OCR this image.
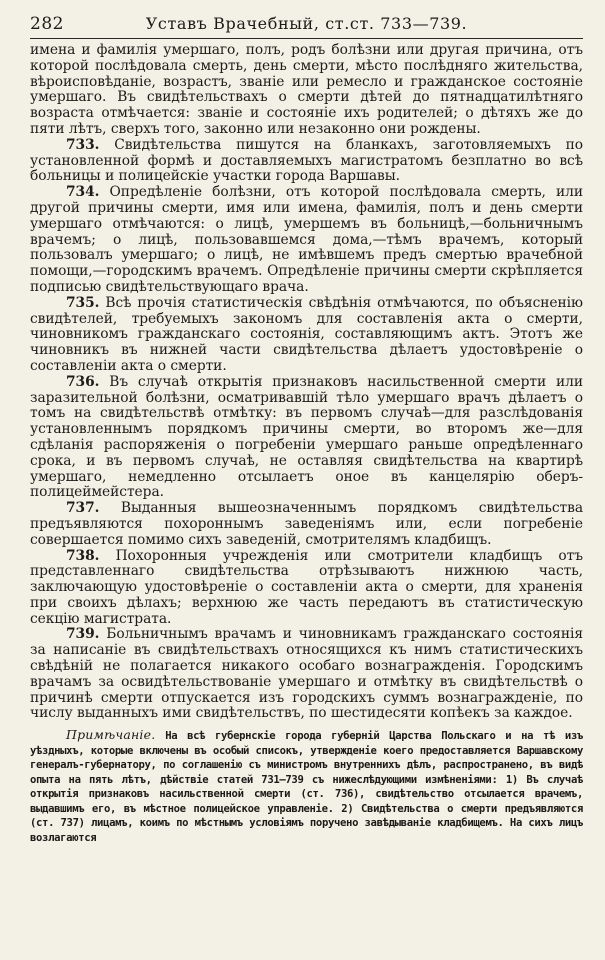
282	Уставъ Врачебный, ст.ст. 733—739.

имена и фамилія умершаго, полъ, родъ болѣзни или другая причина, отъ которой послѣдовала смерть, день смерти, мѣсто послѣдняго жительства, вѣроисповѣданіе, возрастъ, званіе или ремесло и гражданское состояніе умершаго. Въ свидѣтельствахъ о смерти дѣтей до пятнадцатилѣтняго возраста отмѣчается: званіе и состояніе ихъ родителей; о дѣтяхъ же до пяти лѣтъ, сверхъ того, законно или незаконно они рождены.

733. Свидѣтельства пишутся на бланкахъ, заготовляемыхъ по установленной формѣ и доставляемыхъ магистратомъ безплатно во всѣ больницы и полицейскіе участки города Варшавы.

734. Опредѣленіе болѣзни, отъ которой послѣдовала смерть, или другой причины смерти, имя или имена, фамилія, полъ и день смерти умершаго отмѣчаются: о лицѣ, умершемъ въ больницѣ,—больничнымъ врачемъ; о лицѣ, пользовавшемся дома,—тѣмъ врачемъ, который пользовалъ умершаго; о лицѣ, не имѣвшемъ предъ смертью врачебной помощи,—городскимъ врачемъ. Опредѣленіе причины смерти скрѣпляется подписью свидѣтельствующаго врача.

735. Всѣ прочія статистическія свѣдѣнія отмѣчаются, по объясненію свидѣтелей, требуемыхъ закономъ для составленія акта о смерти, чиновникомъ гражданскаго состоянія, составляющимъ актъ. Этотъ же чиновникъ въ нижней части свидѣтельства дѣлаетъ удостовѣреніе о составленіи акта о смерти.

736. Въ случаѣ открытія признаковъ насильственной смерти или заразительной болѣзни, осматривавшій тѣло умершаго врачъ дѣлаетъ о томъ на свидѣтельствѣ отмѣтку: въ первомъ случаѣ—для разслѣдованія установленнымъ порядкомъ причины смерти, во второмъ же—для сдѣланія распоряженія о погребеніи умершаго раньше опредѣленнаго срока, и въ первомъ случаѣ, не оставляя свидѣтельства на квартирѣ умершаго, немедленно отсылаетъ оное въ канцелярію оберъ-полицеймейстера.

737. Выданныя вышеозначеннымъ порядкомъ свидѣтельства предъявляются похороннымъ заведеніямъ или, если погребеніе совершается помимо сихъ заведеній, смотрителямъ кладбищъ.

738. Похоронныя учрежденія или смотрители кладбищъ отъ представленнаго свидѣтельства отрѣзываютъ нижнюю часть, заключающую удостовѣреніе о составленіи акта о смерти, для храненія при своихъ дѣлахъ; верхнюю же часть передаютъ въ статистическую секцію магистрата.

739. Больничнымъ врачамъ и чиновникамъ гражданскаго состоянія за написаніе въ свидѣтельствахъ относящихся къ нимъ статистическихъ свѣдѣній не полагается никакого особаго вознагражденія. Городскимъ врачамъ за освидѣтельствованіе умершаго и отмѣтку въ свидѣтельствѣ о причинѣ смерти отпускается изъ городскихъ суммъ вознагражденіе, по числу выданныхъ ими свидѣтельствъ, по шестидесяти копѣекъ за каждое.

Примѣчаніе. На всѣ губернскіе города губерній Царства Польскаго и на тѣ изъ уѣздныхъ, которые включены въ особый списокъ, утвержденіе коего предоставляется Варшавскому генералъ-губернатору, по соглашенію съ министромъ внутреннихъ дѣлъ, распространено, въ видѣ опыта на пять лѣтъ, дѣйствіе статей 731—739 съ нижеслѣдующими измѣненіями: 1) Въ случаѣ открытія признаковъ насильственной смерти (ст. 736), свидѣтельство отсылается врачемъ, выдавшимъ его, въ мѣстное полицейское управленіе. 2) Свидѣтельства о смерти предъявляются (ст. 737) лицамъ, коимъ по мѣстнымъ условіямъ поручено завѣдываніе кладбищемъ. На сихъ лицъ возлагаются
